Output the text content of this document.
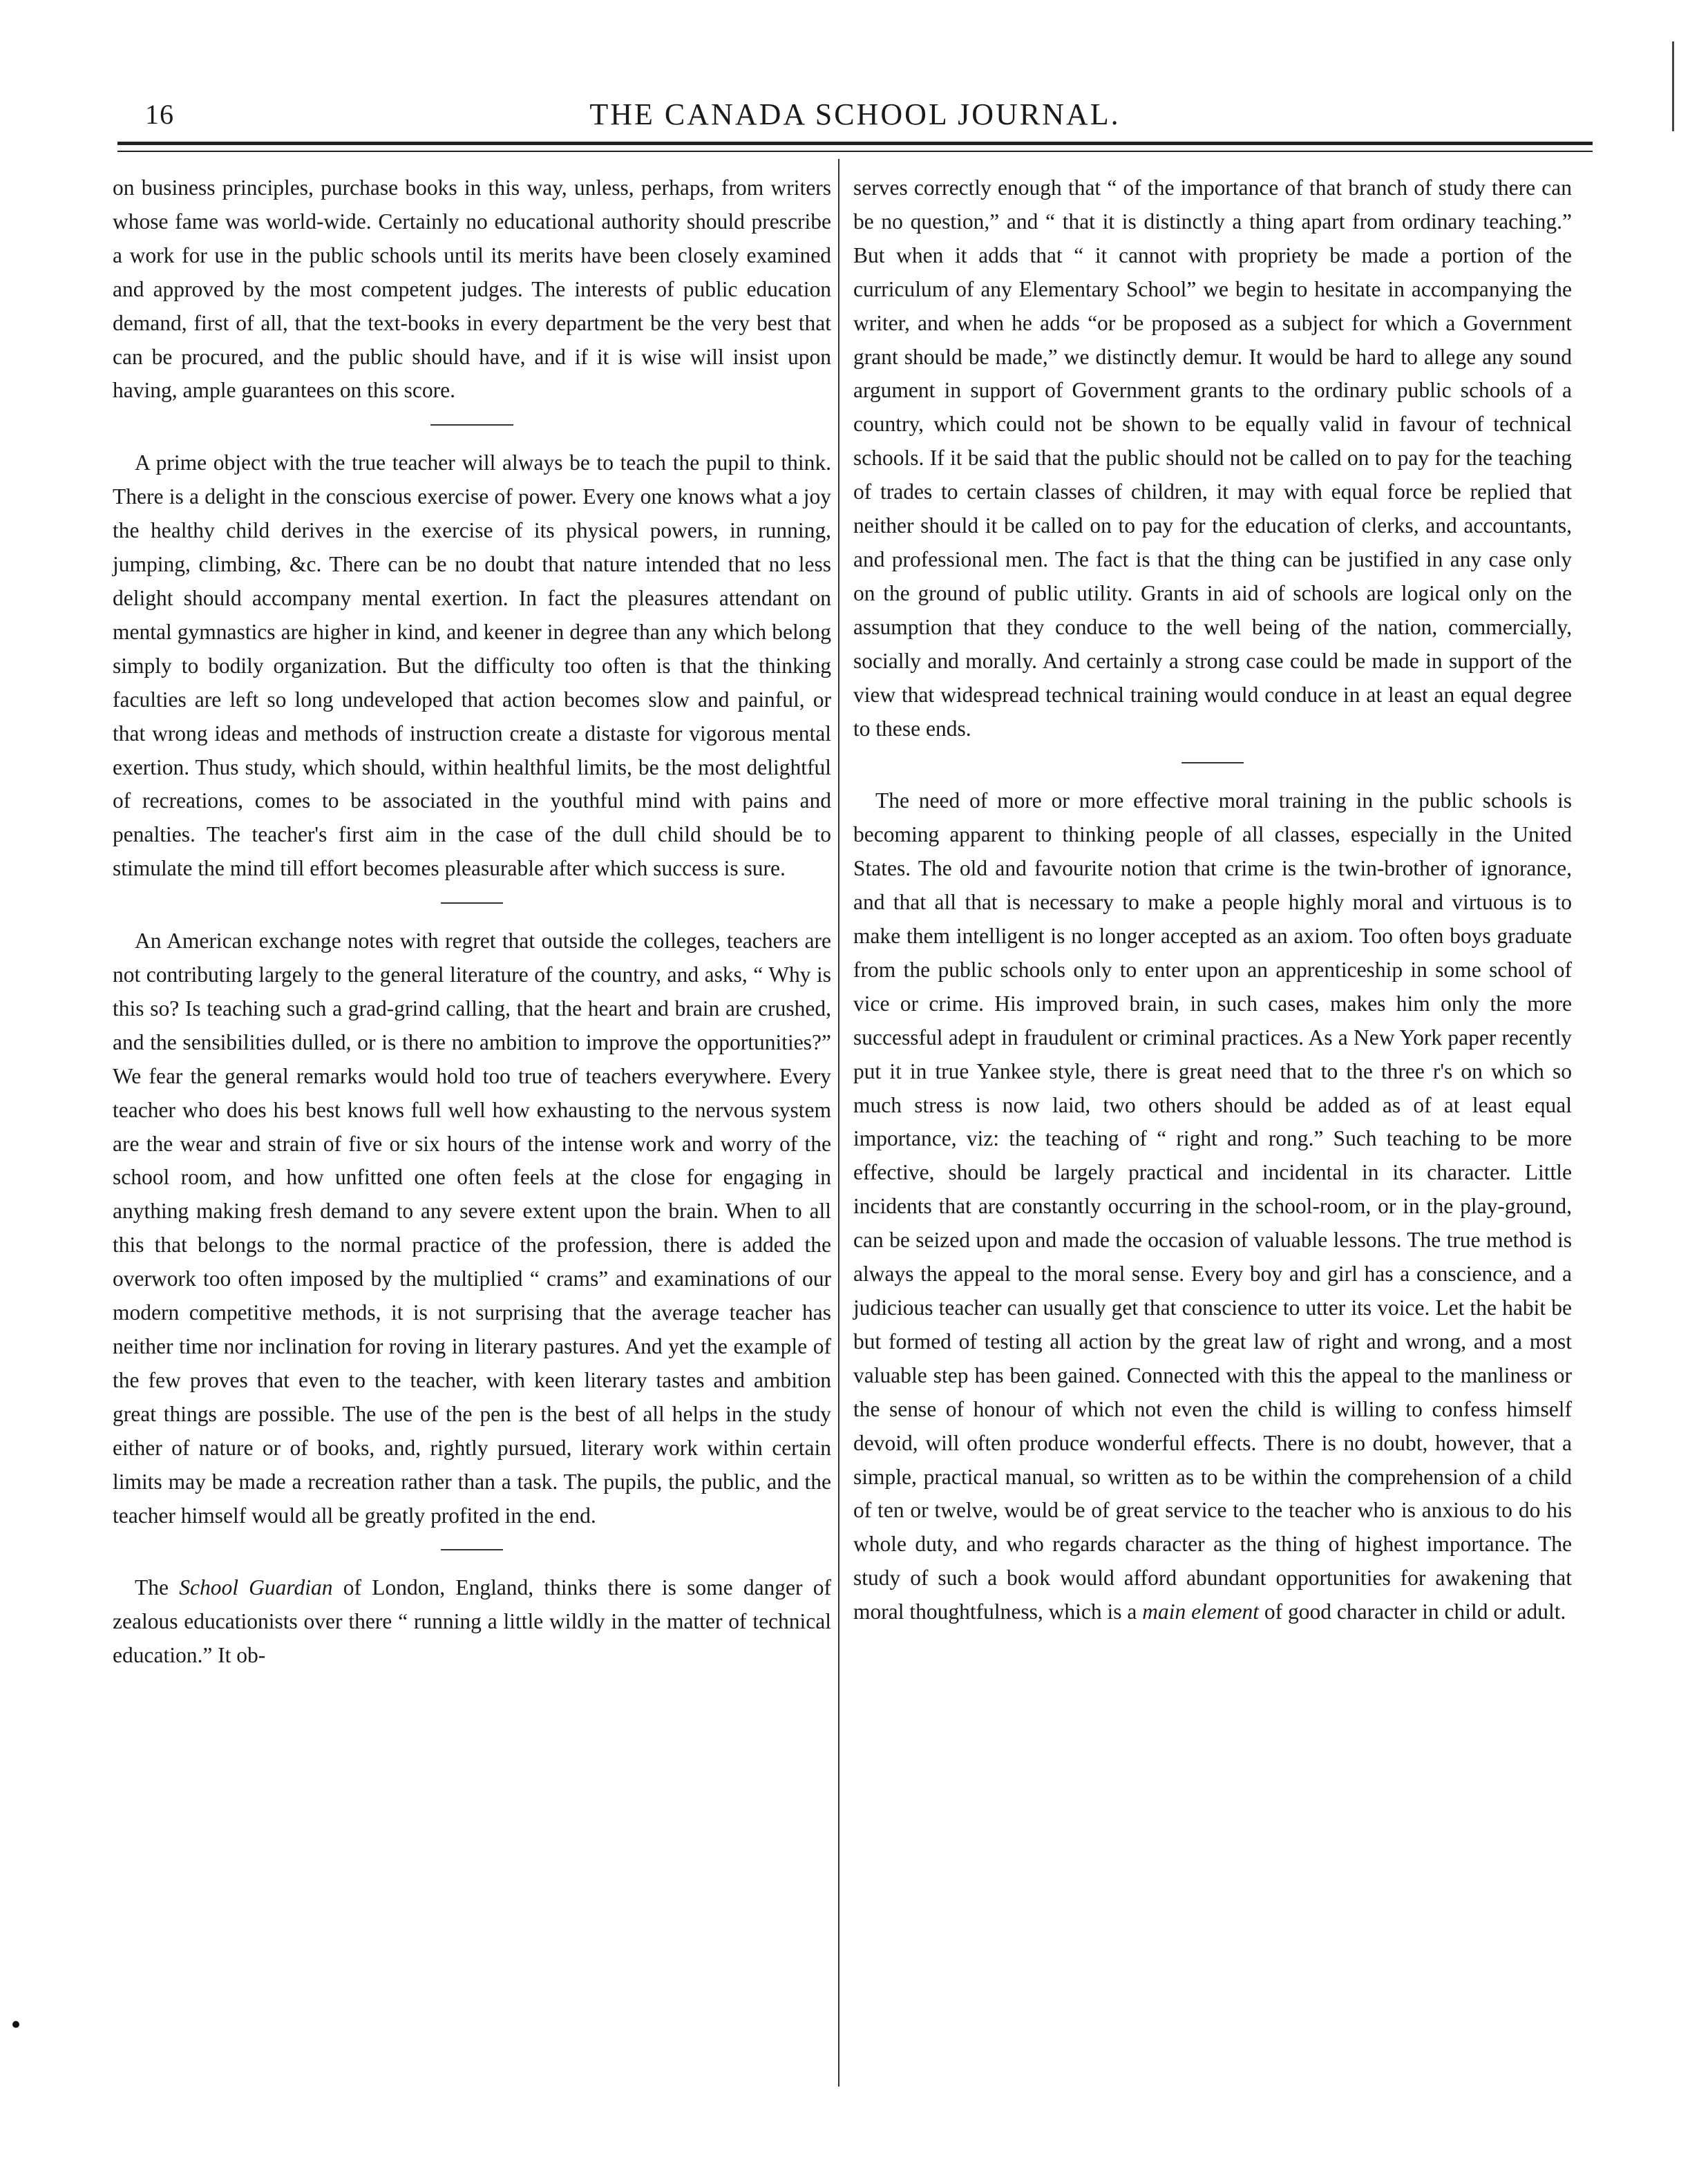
16	THE CANADA SCHOOL JOURNAL.

on business principles, purchase books in this way, unless, perhaps, from writers whose fame was world-wide. Certainly no educational authority should prescribe a work for use in the public schools until its merits have been closely examined and approved by the most competent judges. The interests of public education demand, first of all, that the text-books in every department be the very best that can be procured, and the public should have, and if it is wise will insist upon having, ample guarantees on this score.

A prime object with the true teacher will always be to teach the pupil to think. There is a delight in the conscious exercise of power. Every one knows what a joy the healthy child derives in the exercise of its physical powers, in running, jumping, climbing, &c. There can be no doubt that nature intended that no less delight should accompany mental exertion. In fact the pleasures attendant on mental gymnastics are higher in kind, and keener in degree than any which belong simply to bodily organization. But the difficulty too often is that the thinking faculties are left so long undeveloped that action becomes slow and painful, or that wrong ideas and methods of instruction create a distaste for vigorous mental exertion. Thus study, which should, within healthful limits, be the most delightful of recreations, comes to be associated in the youthful mind with pains and penalties. The teacher's first aim in the case of the dull child should be to stimulate the mind till effort becomes pleasurable after which success is sure.

An American exchange notes with regret that outside the colleges, teachers are not contributing largely to the general literature of the country, and asks, “ Why is this so? Is teaching such a grad-grind calling, that the heart and brain are crushed, and the sensibilities dulled, or is there no ambition to improve the opportunities?” We fear the general remarks would hold too true of teachers everywhere. Every teacher who does his best knows full well how exhausting to the nervous system are the wear and strain of five or six hours of the intense work and worry of the school room, and how unfitted one often feels at the close for engaging in anything making fresh demand to any severe extent upon the brain. When to all this that belongs to the normal practice of the profession, there is added the overwork too often imposed by the multiplied “ crams” and examinations of our modern competitive methods, it is not surprising that the average teacher has neither time nor inclination for roving in literary pastures. And yet the example of the few proves that even to the teacher, with keen literary tastes and ambition great things are possible. The use of the pen is the best of all helps in the study either of nature or of books, and, rightly pursued, literary work within certain limits may be made a recreation rather than a task. The pupils, the public, and the teacher himself would all be greatly profited in the end.

The School Guardian of London, England, thinks there is some danger of zealous educationists over there “ running a little wildly in the matter of technical education.” It ob-

serves correctly enough that “ of the importance of that branch of study there can be no question,” and “ that it is distinctly a thing apart from ordinary teaching.” But when it adds that “ it cannot with propriety be made a portion of the curriculum of any Elementary School” we begin to hesitate in accompanying the writer, and when he adds “or be proposed as a subject for which a Government grant should be made,” we distinctly demur. It would be hard to allege any sound argument in support of Government grants to the ordinary public schools of a country, which could not be shown to be equally valid in favour of technical schools. If it be said that the public should not be called on to pay for the teaching of trades to certain classes of children, it may with equal force be replied that neither should it be called on to pay for the education of clerks, and accountants, and professional men. The fact is that the thing can be justified in any case only on the ground of public utility. Grants in aid of schools are logical only on the assumption that they conduce to the well being of the nation, commercially, socially and morally. And certainly a strong case could be made in support of the view that widespread technical training would conduce in at least an equal degree to these ends.

The need of more or more effective moral training in the public schools is becoming apparent to thinking people of all classes, especially in the United States. The old and favourite notion that crime is the twin-brother of ignorance, and that all that is necessary to make a people highly moral and virtuous is to make them intelligent is no longer accepted as an axiom. Too often boys graduate from the public schools only to enter upon an apprenticeship in some school of vice or crime. His improved brain, in such cases, makes him only the more successful adept in fraudulent or criminal practices. As a New York paper recently put it in true Yankee style, there is great need that to the three r's on which so much stress is now laid, two others should be added as of at least equal importance, viz: the teaching of “ right and rong.” Such teaching to be more effective, should be largely practical and incidental in its character. Little incidents that are constantly occurring in the school-room, or in the play-ground, can be seized upon and made the occasion of valuable lessons. The true method is always the appeal to the moral sense. Every boy and girl has a conscience, and a judicious teacher can usually get that conscience to utter its voice. Let the habit be but formed of testing all action by the great law of right and wrong, and a most valuable step has been gained. Connected with this the appeal to the manliness or the sense of honour of which not even the child is willing to confess himself devoid, will often produce wonderful effects. There is no doubt, however, that a simple, practical manual, so written as to be within the comprehension of a child of ten or twelve, would be of great service to the teacher who is anxious to do his whole duty, and who regards character as the thing of highest importance. The study of such a book would afford abundant opportunities for awakening that moral thoughtfulness, which is a main element of good character in child or adult.
